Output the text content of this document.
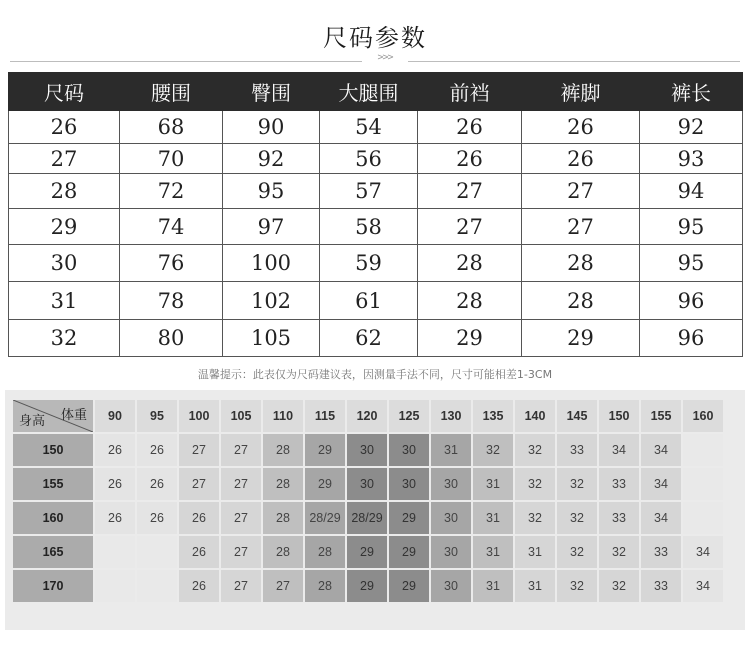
尺码参数
>>>
尺码	腰围	臀围	大腿围	前裆	裤脚	裤长
26	68	90	54	26	26	92
27	70	92	56	26	26	93
28	72	95	57	27	27	94
29	74	97	58	27	27	95
30	76	100	59	28	28	95
31	78	102	61	28	28	96
32	80	105	62	29	29	96
温馨提示：此表仅为尺码建议表，因测量手法不同，尺寸可能相差1-3CM
体重
身高	90	95	100	105	110	115	120	125	130	135	140	145	150	155	160
150	26	26	27	27	28	29	30	30	31	32	32	33	34	34	
155	26	26	27	27	28	29	30	30	30	31	32	32	33	34	
160	26	26	26	27	28	28/29	28/29	29	30	31	32	32	33	34	
165			26	27	28	28	29	29	30	31	31	32	32	33	34
170			26	27	27	28	29	29	30	31	31	32	32	33	34
